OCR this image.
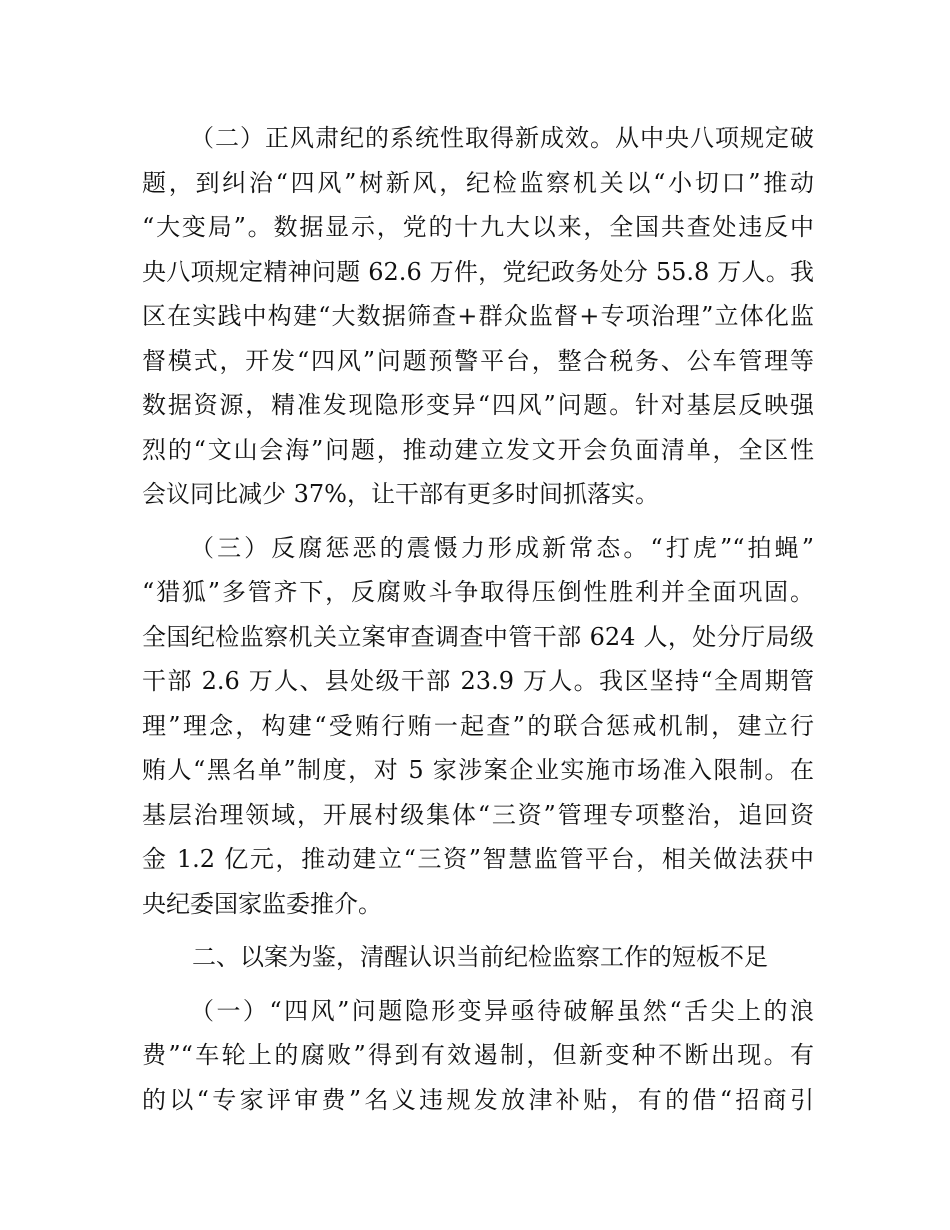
（二）正风肃纪的系统性取得新成效。从中央八项规定破
题，到纠治“四风”树新风，纪检监察机关以“小切口”推动
“大变局”。数据显示，党的十九大以来，全国共查处违反中
央八项规定精神问题 62.6 万件，党纪政务处分 55.8 万人。我
区在实践中构建“大数据筛查+群众监督+专项治理”立体化监
督模式，开发“四风”问题预警平台，整合税务、公车管理等
数据资源，精准发现隐形变异“四风”问题。针对基层反映强
烈的“文山会海”问题，推动建立发文开会负面清单，全区性
会议同比减少 37%，让干部有更多时间抓落实。
（三）反腐惩恶的震慑力形成新常态。“打虎”“拍蝇”
“猎狐”多管齐下，反腐败斗争取得压倒性胜利并全面巩固。
全国纪检监察机关立案审查调查中管干部 624 人，处分厅局级
干部 2.6 万人、县处级干部 23.9 万人。我区坚持“全周期管
理”理念，构建“受贿行贿一起查”的联合惩戒机制，建立行
贿人“黑名单”制度，对 5 家涉案企业实施市场准入限制。在
基层治理领域，开展村级集体“三资”管理专项整治，追回资
金 1.2 亿元，推动建立“三资”智慧监管平台，相关做法获中
央纪委国家监委推介。
二、以案为鉴，清醒认识当前纪检监察工作的短板不足
（一）“四风”问题隐形变异亟待破解虽然“舌尖上的浪
费”“车轮上的腐败”得到有效遏制，但新变种不断出现。有
的以“专家评审费”名义违规发放津补贴，有的借“招商引
